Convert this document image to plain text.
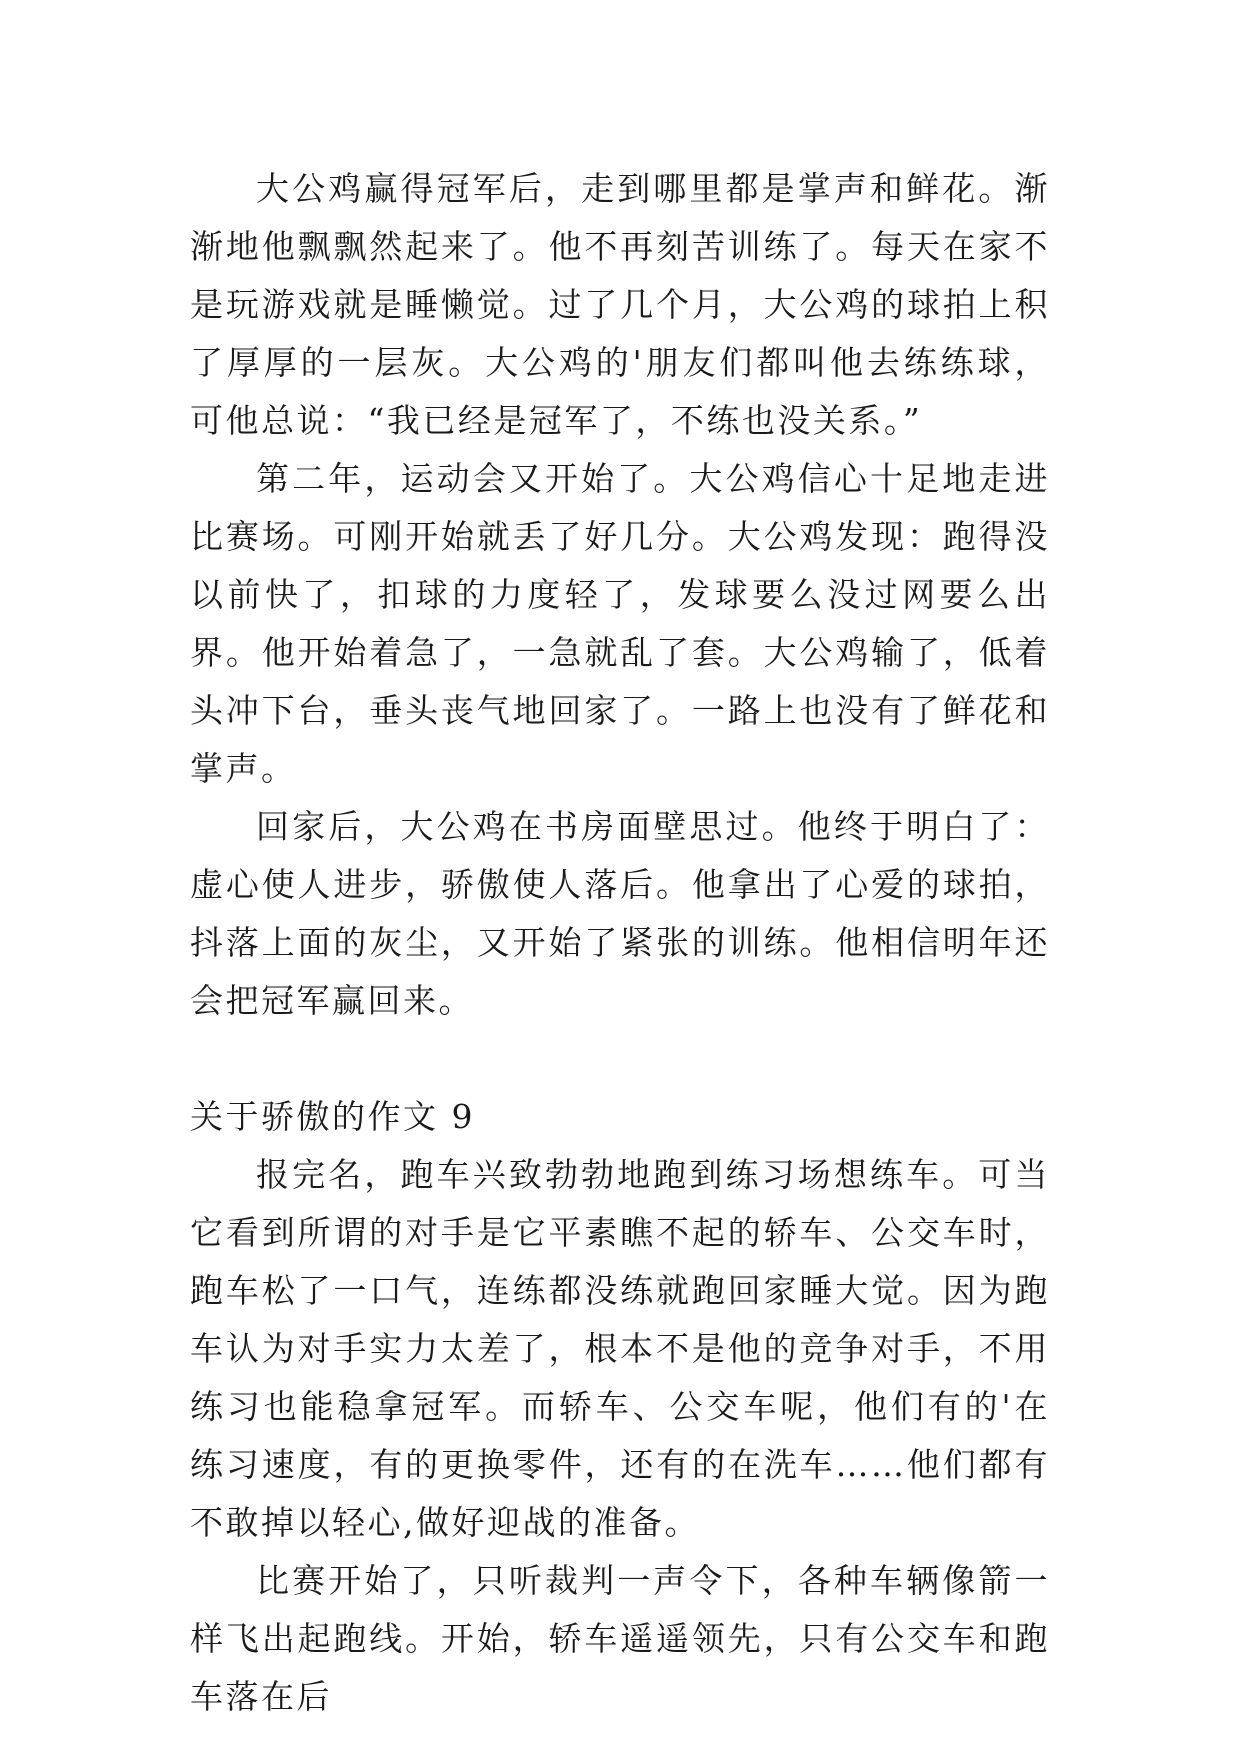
大公鸡赢得冠军后，走到哪里都是掌声和鲜花。渐渐地他飘飘然起来了。他不再刻苦训练了。每天在家不是玩游戏就是睡懒觉。过了几个月，大公鸡的球拍上积了厚厚的一层灰。大公鸡的'朋友们都叫他去练练球，可他总说：“我已经是冠军了，不练也没关系。”

第二年，运动会又开始了。大公鸡信心十足地走进比赛场。可刚开始就丢了好几分。大公鸡发现：跑得没以前快了，扣球的力度轻了，发球要么没过网要么出界。他开始着急了，一急就乱了套。大公鸡输了，低着头冲下台，垂头丧气地回家了。一路上也没有了鲜花和掌声。

回家后，大公鸡在书房面壁思过。他终于明白了：虚心使人进步，骄傲使人落后。他拿出了心爱的球拍，抖落上面的灰尘，又开始了紧张的训练。他相信明年还会把冠军赢回来。

关于骄傲的作文 9

报完名，跑车兴致勃勃地跑到练习场想练车。可当它看到所谓的对手是它平素瞧不起的轿车、公交车时，跑车松了一口气，连练都没练就跑回家睡大觉。因为跑车认为对手实力太差了，根本不是他的竞争对手，不用练习也能稳拿冠军。而轿车、公交车呢，他们有的'在练习速度，有的更换零件，还有的在洗车……他们都有不敢掉以轻心,做好迎战的准备。

比赛开始了，只听裁判一声令下，各种车辆像箭一样飞出起跑线。开始，轿车遥遥领先，只有公交车和跑车落在后
